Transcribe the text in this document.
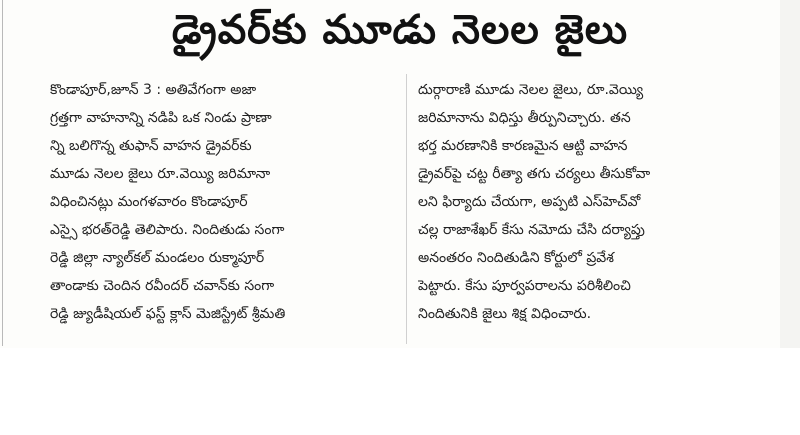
డ్రైవర్‌కు మూడు నెలల జైలు
కొండాపూర్,జూన్ 3 : అతివేగంగా అజా
గ్రత్తగా వాహనాన్ని నడిపి ఒక నిండు ప్రాణా
న్ని బలిగొన్న తుఫాన్ వాహన డ్రైవర్‌కు
మూడు నెలల జైలు రూ.వెయ్యి జరిమానా
విధించినట్లు మంగళవారం కొండాపూర్
ఎస్సై భరత్‌రెడ్డి తెలిపారు. నిందితుడు సంగా
రెడ్డి జిల్లా న్యాల్‌కల్ మండలం రుక్మాపూర్
తాండాకు చెందిన రవీందర్ చవాన్‌కు సంగా
రెడ్డి జ్యుడీషియల్ ఫస్ట్ క్లాస్ మెజిస్ట్రేట్ శ్రీమతి
దుర్గారాణి మూడు నెలల జైలు, రూ.వెయ్యి
జరిమానాను విధిస్తు తీర్పునిచ్చారు. తన
భర్త మరణానికి కారణమైన ఆట్టి వాహన
డ్రైవర్‌పై చట్ట రీత్యా తగు చర్యలు తీసుకోవా
లని ఫిర్యాదు చేయగా, అప్పటి ఎస్‌హెచ్‌వో
చల్ల రాజాశేఖర్ కేసు నమోదు చేసి దర్యాప్తు
అనంతరం నిందితుడిని కోర్టులో ప్రవేశ
పెట్టారు. కేసు పూర్వపరాలను పరిశీలించి
నిందితునికి జైలు శిక్ష విధించారు.
